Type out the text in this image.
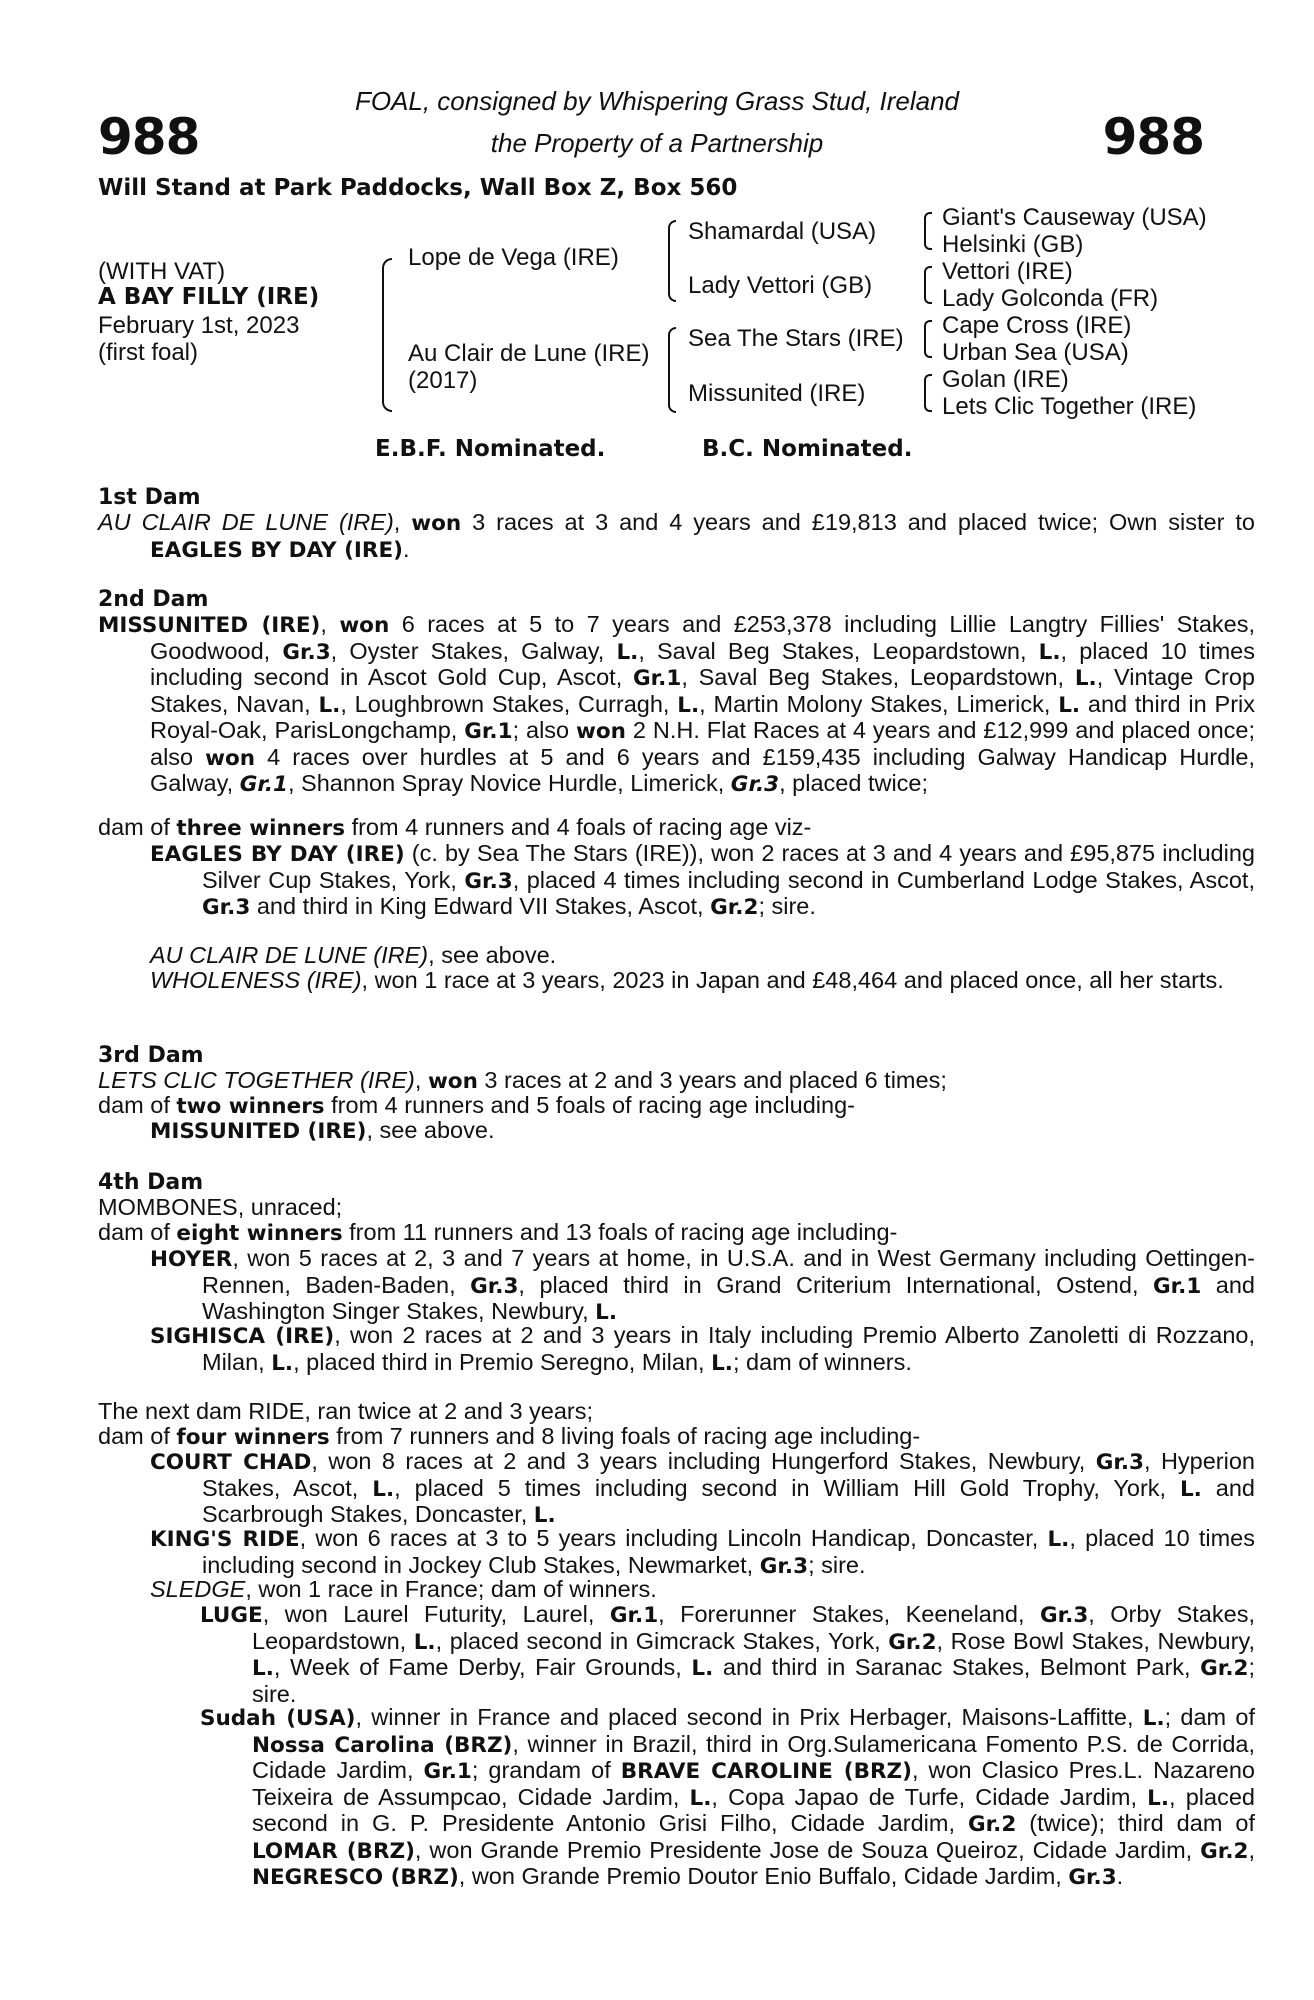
988	988
FOAL, consigned by Whispering Grass Stud, Ireland
the Property of a Partnership
Will Stand at Park Paddocks, Wall Box Z, Box 560
(WITH VAT)
A BAY FILLY (IRE)
February 1st, 2023
(first foal)
Lope de Vega (IRE)
Au Clair de Lune (IRE)
(2017)
Shamardal (USA)
Lady Vettori (GB)
Sea The Stars (IRE)
Missunited (IRE)
Giant's Causeway (USA)
Helsinki (GB)
Vettori (IRE)
Lady Golconda (FR)
Cape Cross (IRE)
Urban Sea (USA)
Golan (IRE)
Lets Clic Together (IRE)
E.B.F. Nominated.	B.C. Nominated.
1st Dam
AU CLAIR DE LUNE (IRE), won 3 races at 3 and 4 years and £19,813 and placed twice; Own sister to EAGLES BY DAY (IRE).
2nd Dam
MISSUNITED (IRE), won 6 races at 5 to 7 years and £253,378 including Lillie Langtry Fillies' Stakes, Goodwood, Gr.3, Oyster Stakes, Galway, L., Saval Beg Stakes, Leopardstown, L., placed 10 times including second in Ascot Gold Cup, Ascot, Gr.1, Saval Beg Stakes, Leopardstown, L., Vintage Crop Stakes, Navan, L., Loughbrown Stakes, Curragh, L., Martin Molony Stakes, Limerick, L. and third in Prix Royal-Oak, ParisLongchamp, Gr.1; also won 2 N.H. Flat Races at 4 years and £12,999 and placed once; also won 4 races over hurdles at 5 and 6 years and £159,435 including Galway Handicap Hurdle, Galway, Gr.1, Shannon Spray Novice Hurdle, Limerick, Gr.3, placed twice;
dam of three winners from 4 runners and 4 foals of racing age viz-
EAGLES BY DAY (IRE) (c. by Sea The Stars (IRE)), won 2 races at 3 and 4 years and £95,875 including Silver Cup Stakes, York, Gr.3, placed 4 times including second in Cumberland Lodge Stakes, Ascot, Gr.3 and third in King Edward VII Stakes, Ascot, Gr.2; sire.
AU CLAIR DE LUNE (IRE), see above.
WHOLENESS (IRE), won 1 race at 3 years, 2023 in Japan and £48,464 and placed once, all her starts.
3rd Dam
LETS CLIC TOGETHER (IRE), won 3 races at 2 and 3 years and placed 6 times;
dam of two winners from 4 runners and 5 foals of racing age including-
MISSUNITED (IRE), see above.
4th Dam
MOMBONES, unraced;
dam of eight winners from 11 runners and 13 foals of racing age including-
HOYER, won 5 races at 2, 3 and 7 years at home, in U.S.A. and in West Germany including Oettingen-Rennen, Baden-Baden, Gr.3, placed third in Grand Criterium International, Ostend, Gr.1 and Washington Singer Stakes, Newbury, L.
SIGHISCA (IRE), won 2 races at 2 and 3 years in Italy including Premio Alberto Zanoletti di Rozzano, Milan, L., placed third in Premio Seregno, Milan, L.; dam of winners.
The next dam RIDE, ran twice at 2 and 3 years;
dam of four winners from 7 runners and 8 living foals of racing age including-
COURT CHAD, won 8 races at 2 and 3 years including Hungerford Stakes, Newbury, Gr.3, Hyperion Stakes, Ascot, L., placed 5 times including second in William Hill Gold Trophy, York, L. and Scarbrough Stakes, Doncaster, L.
KING'S RIDE, won 6 races at 3 to 5 years including Lincoln Handicap, Doncaster, L., placed 10 times including second in Jockey Club Stakes, Newmarket, Gr.3; sire.
SLEDGE, won 1 race in France; dam of winners.
LUGE, won Laurel Futurity, Laurel, Gr.1, Forerunner Stakes, Keeneland, Gr.3, Orby Stakes, Leopardstown, L., placed second in Gimcrack Stakes, York, Gr.2, Rose Bowl Stakes, Newbury, L., Week of Fame Derby, Fair Grounds, L. and third in Saranac Stakes, Belmont Park, Gr.2; sire.
Sudah (USA), winner in France and placed second in Prix Herbager, Maisons-Laffitte, L.; dam of Nossa Carolina (BRZ), winner in Brazil, third in Org.Sulamericana Fomento P.S. de Corrida, Cidade Jardim, Gr.1; grandam of BRAVE CAROLINE (BRZ), won Clasico Pres.L. Nazareno Teixeira de Assumpcao, Cidade Jardim, L., Copa Japao de Turfe, Cidade Jardim, L., placed second in G. P. Presidente Antonio Grisi Filho, Cidade Jardim, Gr.2 (twice); third dam of LOMAR (BRZ), won Grande Premio Presidente Jose de Souza Queiroz, Cidade Jardim, Gr.2, NEGRESCO (BRZ), won Grande Premio Doutor Enio Buffalo, Cidade Jardim, Gr.3.
